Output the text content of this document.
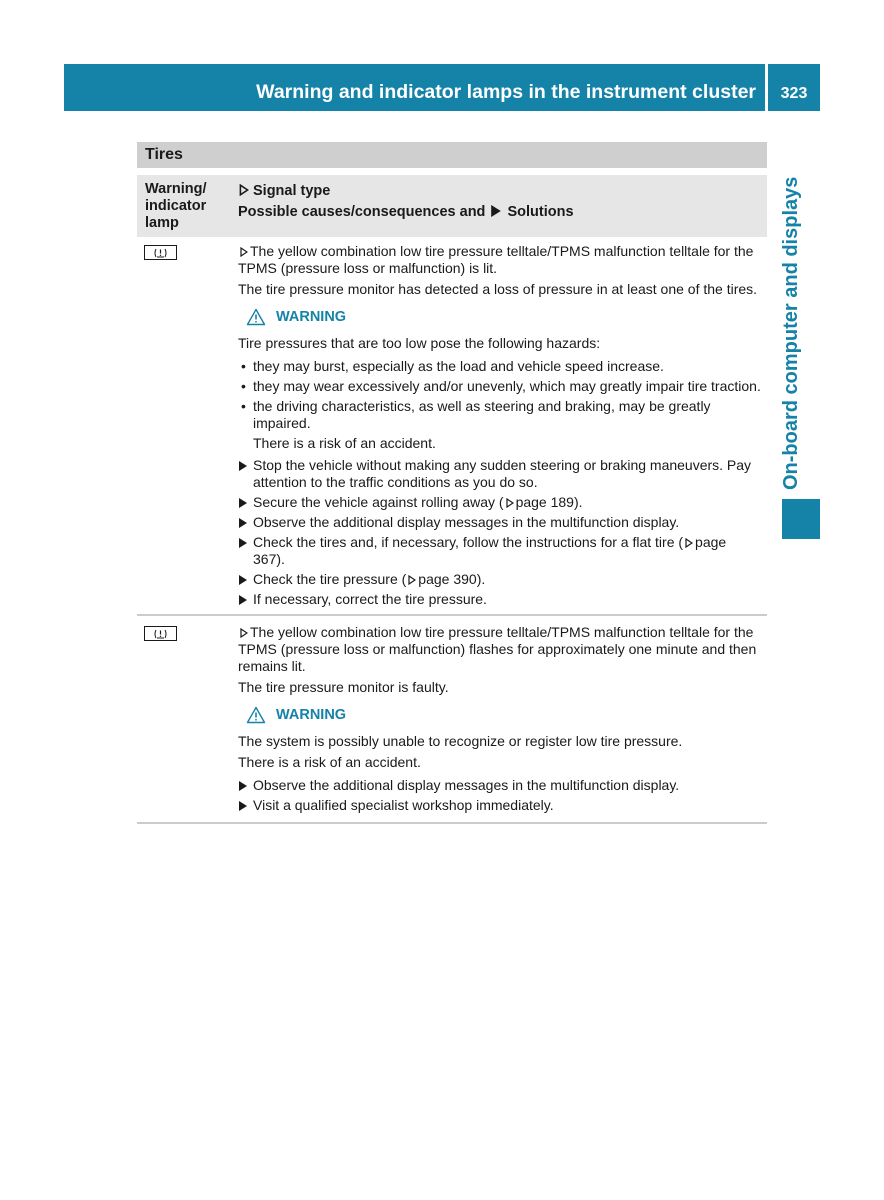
Warning and indicator lamps in the instrument cluster	323
On-board computer and displays
Tires
Warning/ indicator lamp
Signal type
Possible causes/consequences and Solutions
The yellow combination low tire pressure telltale/TPMS malfunction telltale for the TPMS (pressure loss or malfunction) is lit.
The tire pressure monitor has detected a loss of pressure in at least one of the tires.
WARNING
Tire pressures that are too low pose the following hazards:
• they may burst, especially as the load and vehicle speed increase.
• they may wear excessively and/or unevenly, which may greatly impair tire traction.
• the driving characteristics, as well as steering and braking, may be greatly impaired.
There is a risk of an accident.
Stop the vehicle without making any sudden steering or braking maneuvers. Pay attention to the traffic conditions as you do so.
Secure the vehicle against rolling away ( page 189).
Observe the additional display messages in the multifunction display.
Check the tires and, if necessary, follow the instructions for a flat tire ( page 367).
Check the tire pressure ( page 390).
If necessary, correct the tire pressure.
The yellow combination low tire pressure telltale/TPMS malfunction telltale for the TPMS (pressure loss or malfunction) flashes for approximately one minute and then remains lit.
The tire pressure monitor is faulty.
WARNING
The system is possibly unable to recognize or register low tire pressure.
There is a risk of an accident.
Observe the additional display messages in the multifunction display.
Visit a qualified specialist workshop immediately.
